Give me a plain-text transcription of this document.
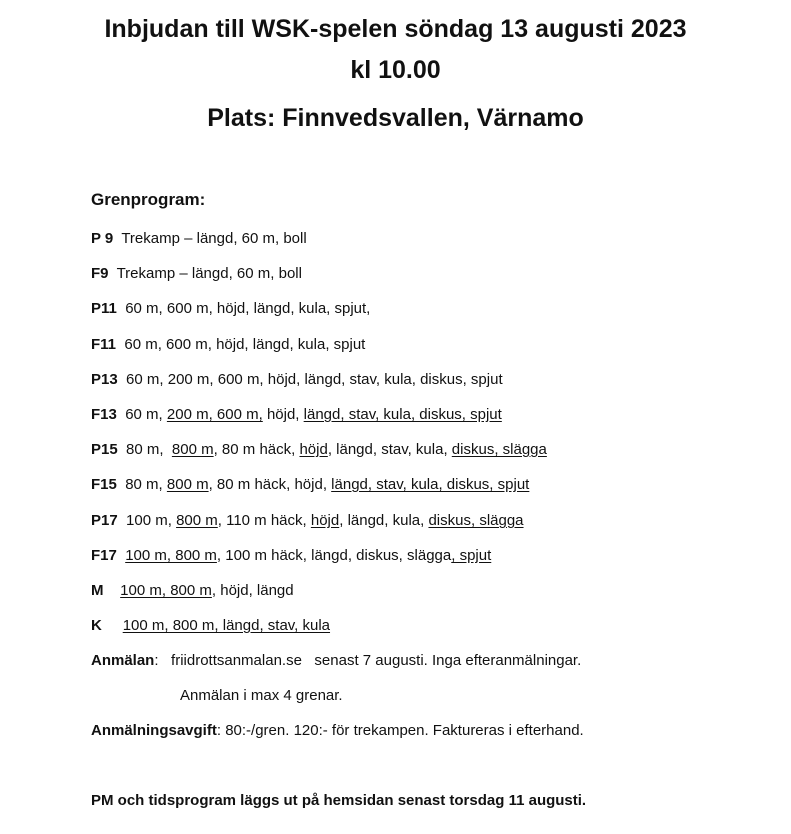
Inbjudan till WSK-spelen söndag 13 augusti 2023
kl 10.00
Plats: Finnvedsvallen, Värnamo
Grenprogram:
P 9  Trekamp – längd, 60 m, boll
F9  Trekamp – längd, 60 m, boll
P11  60 m, 600 m, höjd, längd, kula, spjut,
F11  60 m, 600 m, höjd, längd, kula, spjut
P13  60 m, 200 m, 600 m, höjd, längd, stav, kula, diskus, spjut
F13  60 m, 200 m, 600 m, höjd, längd, stav, kula, diskus, spjut
P15  80 m,  800 m, 80 m häck, höjd, längd, stav, kula, diskus, slägga
F15  80 m, 800 m, 80 m häck, höjd, längd, stav, kula, diskus, spjut
P17  100 m, 800 m, 110 m häck, höjd, längd, kula, diskus, slägga
F17 100 m, 800 m, 100 m häck, längd, diskus, slägga, spjut
M 100 m, 800 m, höjd, längd
K 100 m, 800 m, längd, stav, kula
Anmälan:   friidrottsanmalan.se   senast 7 augusti. Inga efteranmälningar.
Anmälan i max 4 grenar.
Anmälningsavgift: 80:-/gren. 120:- för trekampen. Faktureras i efterhand.
PM och tidsprogram läggs ut på hemsidan senast torsdag 11 augusti.
